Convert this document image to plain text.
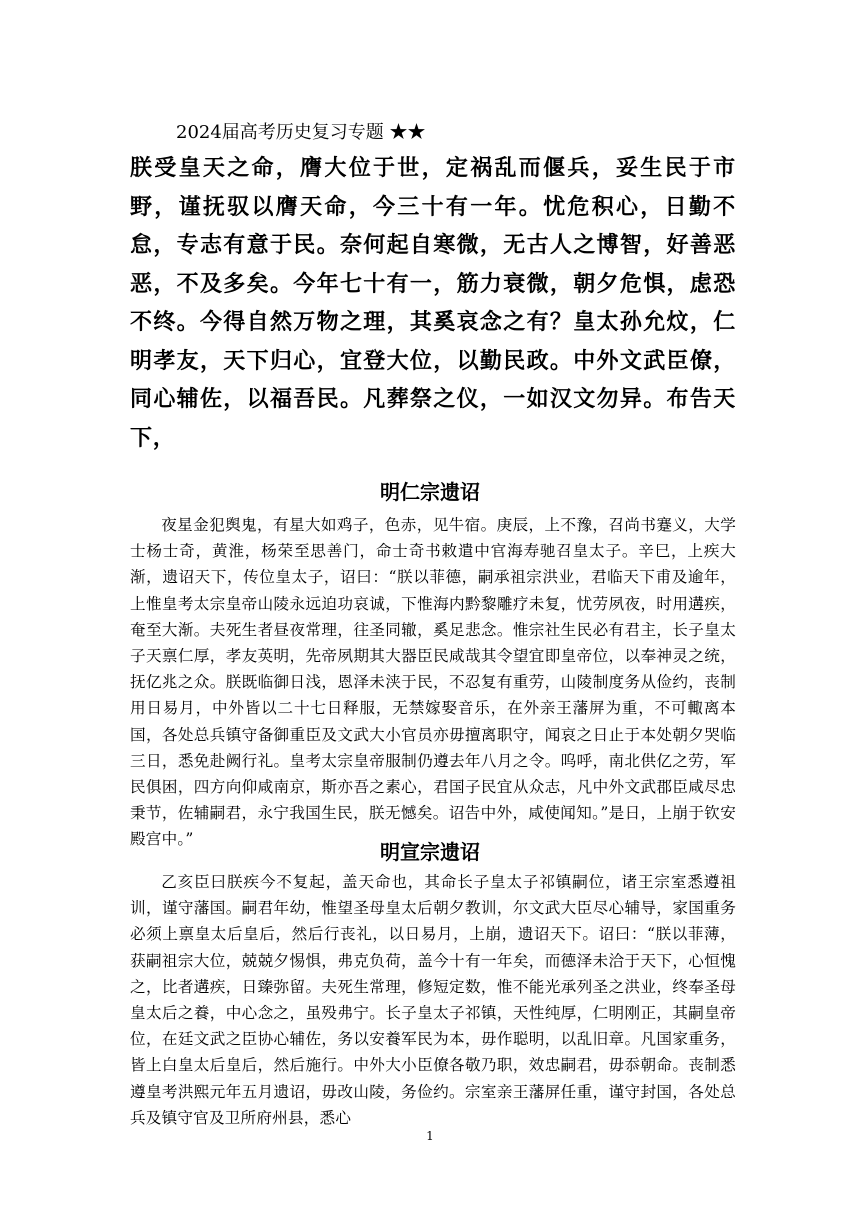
2024届高考历史复习专题 ★★
朕受皇天之命，膺大位于世，定祸乱而偃兵，妥生民于市野，谨抚驭以膺天命，今三十有一年。忧危积心，日勤不怠，专志有意于民。奈何起自寒微，无古人之博智，好善恶恶，不及多矣。今年七十有一，筋力衰微，朝夕危惧，虑恐不终。今得自然万物之理，其奚哀念之有？皇太孙允炆，仁明孝友，天下归心，宜登大位，以勤民政。中外文武臣僚，同心辅佐，以福吾民。凡葬祭之仪，一如汉文勿异。布告天下，
明仁宗遗诏
夜星金犯舆鬼，有星大如鸡子，色赤，见牛宿。庚辰，上不豫，召尚书蹇义，大学士杨士奇，黄淮，杨荣至思善门，命士奇书敕遣中官海寿驰召皇太子。辛巳，上疾大渐，遗诏天下，传位皇太子，诏曰：“朕以菲德，嗣承祖宗洪业，君临天下甫及逾年，上惟皇考太宗皇帝山陵永远迫功哀诚，下惟海内黔黎雕疗未复，忧劳夙夜，时用遘疾，奄至大渐。夫死生者昼夜常理，往圣同辙，奚足悲念。惟宗社生民必有君主，长子皇太子天禀仁厚，孝友英明，先帝夙期其大器臣民咸哉其令望宜即皇帝位，以奉神灵之统，抚亿兆之众。朕既临御日浅，恩泽未浃于民，不忍复有重劳，山陵制度务从俭约，丧制用日易月，中外皆以二十七日释服，无禁嫁娶音乐，在外亲王藩屏为重，不可輙离本国，各处总兵镇守备御重臣及文武大小官员亦毋擅离职守，闻哀之日止于本处朝夕哭临三日，悉免赴阙行礼。皇考太宗皇帝服制仍遵去年八月之令。呜呼，南北供亿之劳，军民俱困，四方向仰咸南京，斯亦吾之素心，君国子民宜从众志，凡中外文武郡臣咸尽忠秉节，佐辅嗣君，永宁我国生民，朕无憾矣。诏告中外，咸使闻知。”是日，上崩于钦安殿宫中。”
明宣宗遗诏
乙亥臣曰朕疾今不复起，盖天命也，其命长子皇太子祁镇嗣位，诸王宗室悉遵祖训，谨守藩国。嗣君年幼，惟望圣母皇太后朝夕教训，尔文武大臣尽心辅导，家国重务必须上禀皇太后皇后，然后行丧礼，以日易月，上崩，遗诏天下。诏曰：“朕以菲薄，获嗣祖宗大位，兢兢夕惕惧，弗克负荷，盖今十有一年矣，而德泽未洽于天下，心恒愧之，比者遘疾，日臻弥留。夫死生常理，修短定数，惟不能光承列圣之洪业，终奉圣母皇太后之養，中心念之，虽殁弗宁。长子皇太子祁镇，天性纯厚，仁明刚正，其嗣皇帝位，在廷文武之臣协心辅佐，务以安養军民为本，毋作聪明，以乱旧章。凡国家重务，皆上白皇太后皇后，然后施行。中外大小臣僚各敬乃职，效忠嗣君，毋忝朝命。丧制悉遵皇考洪熙元年五月遗诏，毋改山陵，务俭约。宗室亲王藩屏任重，谨守封国，各处总兵及镇守官及卫所府州县，悉心
1
